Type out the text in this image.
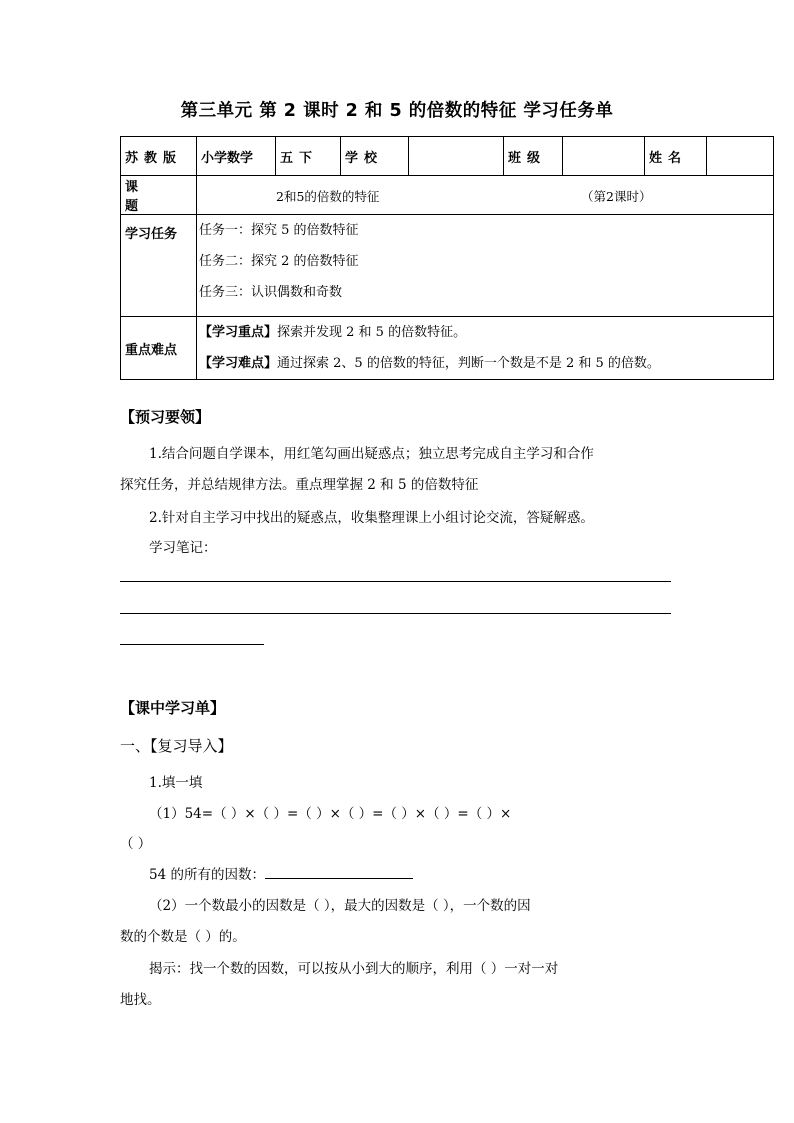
第三单元 第 2 课时 2 和 5 的倍数的特征 学习任务单
苏教版	小学数学	五下	学校		班级		姓名	
课题	2和5的倍数的特征 （第2课时）							

学习任务	任务一：探究 5 的倍数特征
任务二：探究 2 的倍数特征
任务三：认识偶数和奇数							

重点难点	【学习重点】探索并发现 2 和 5 的倍数特征。
【学习难点】通过探索 2、5 的倍数的特征，判断一个数是不是 2 和 5 的倍数。							
【预习要领】
1.结合问题自学课本，用红笔勾画出疑惑点；独立思考完成自主学习和合作
探究任务，并总结规律方法。重点理掌握 2 和 5 的倍数特征
2.针对自主学习中找出的疑惑点，收集整理课上小组讨论交流，答疑解惑。
学习笔记：
【课中学习单】
一、【复习导入】
1.填一填
（1）54=（ ）×（ ）=（ ）×（ ）=（ ）×（ ）=（ ）×
（ ）
54 的所有的因数：
（2）一个数最小的因数是（ ），最大的因数是（ ），一个数的因
数的个数是（ ）的。
揭示：找一个数的因数，可以按从小到大的顺序，利用（ ）一对一对
地找。
